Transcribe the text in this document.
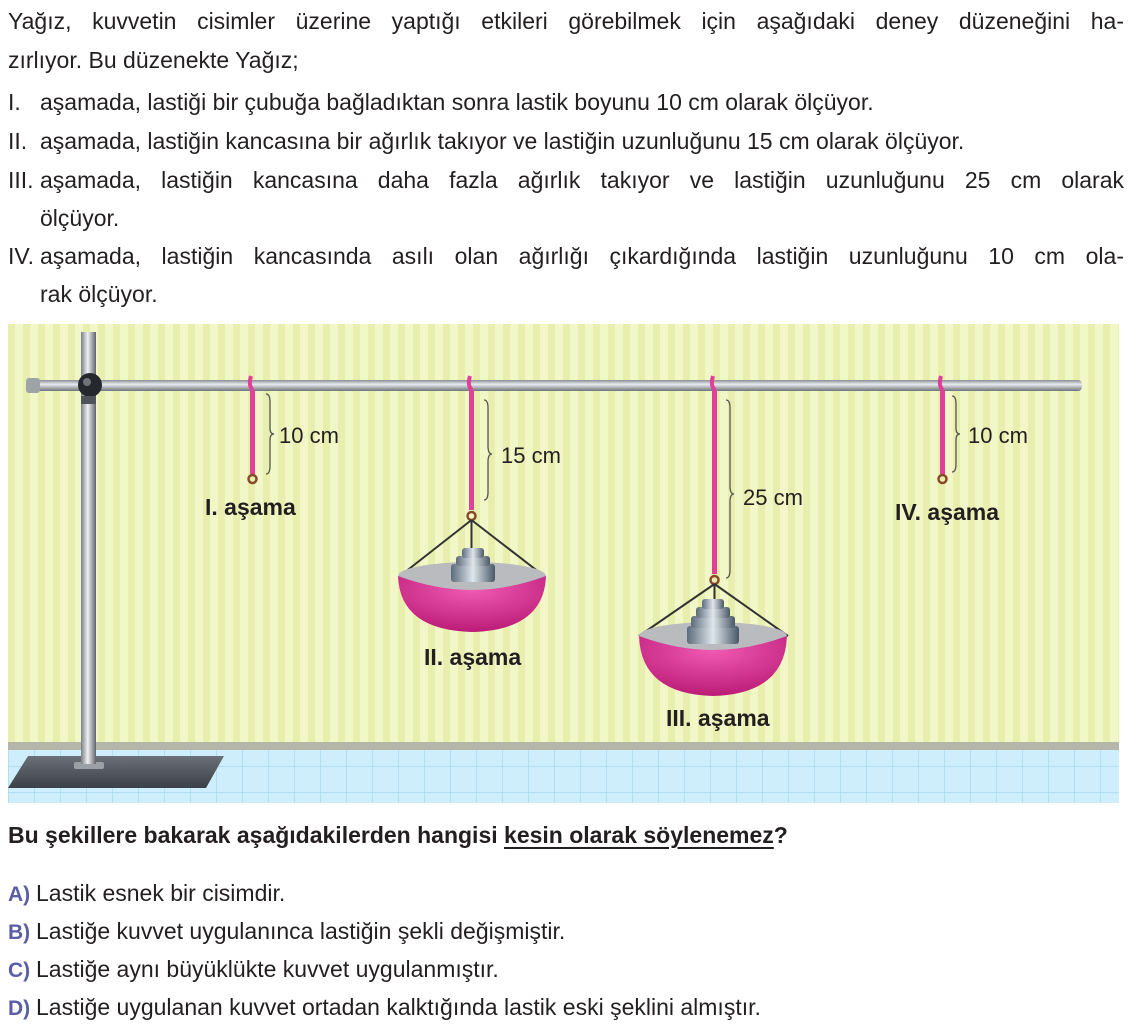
Yağız, kuvvetin cisimler üzerine yaptığı etkileri görebilmek için aşağıdaki deney düzeneğini ha-
zırlıyor. Bu düzenekte Yağız;
I. aşamada, lastiği bir çubuğa bağladıktan sonra lastik boyunu 10 cm olarak ölçüyor.
II. aşamada, lastiğin kancasına bir ağırlık takıyor ve lastiğin uzunluğunu 15 cm olarak ölçüyor.
III. aşamada, lastiğin kancasına daha fazla ağırlık takıyor ve lastiğin uzunluğunu 25 cm olarak
ölçüyor.
IV. aşamada, lastiğin kancasında asılı olan ağırlığı çıkardığında lastiğin uzunluğunu 10 cm ola-
rak ölçüyor.
10 cm
I. aşama
15 cm
II. aşama
25 cm
III. aşama
10 cm
IV. aşama
Bu şekillere bakarak aşağıdakilerden hangisi kesin olarak söylenemez?
A) Lastik esnek bir cisimdir.
B) Lastiğe kuvvet uygulanınca lastiğin şekli değişmiştir.
C) Lastiğe aynı büyüklükte kuvvet uygulanmıştır.
D) Lastiğe uygulanan kuvvet ortadan kalktığında lastik eski şeklini almıştır.
